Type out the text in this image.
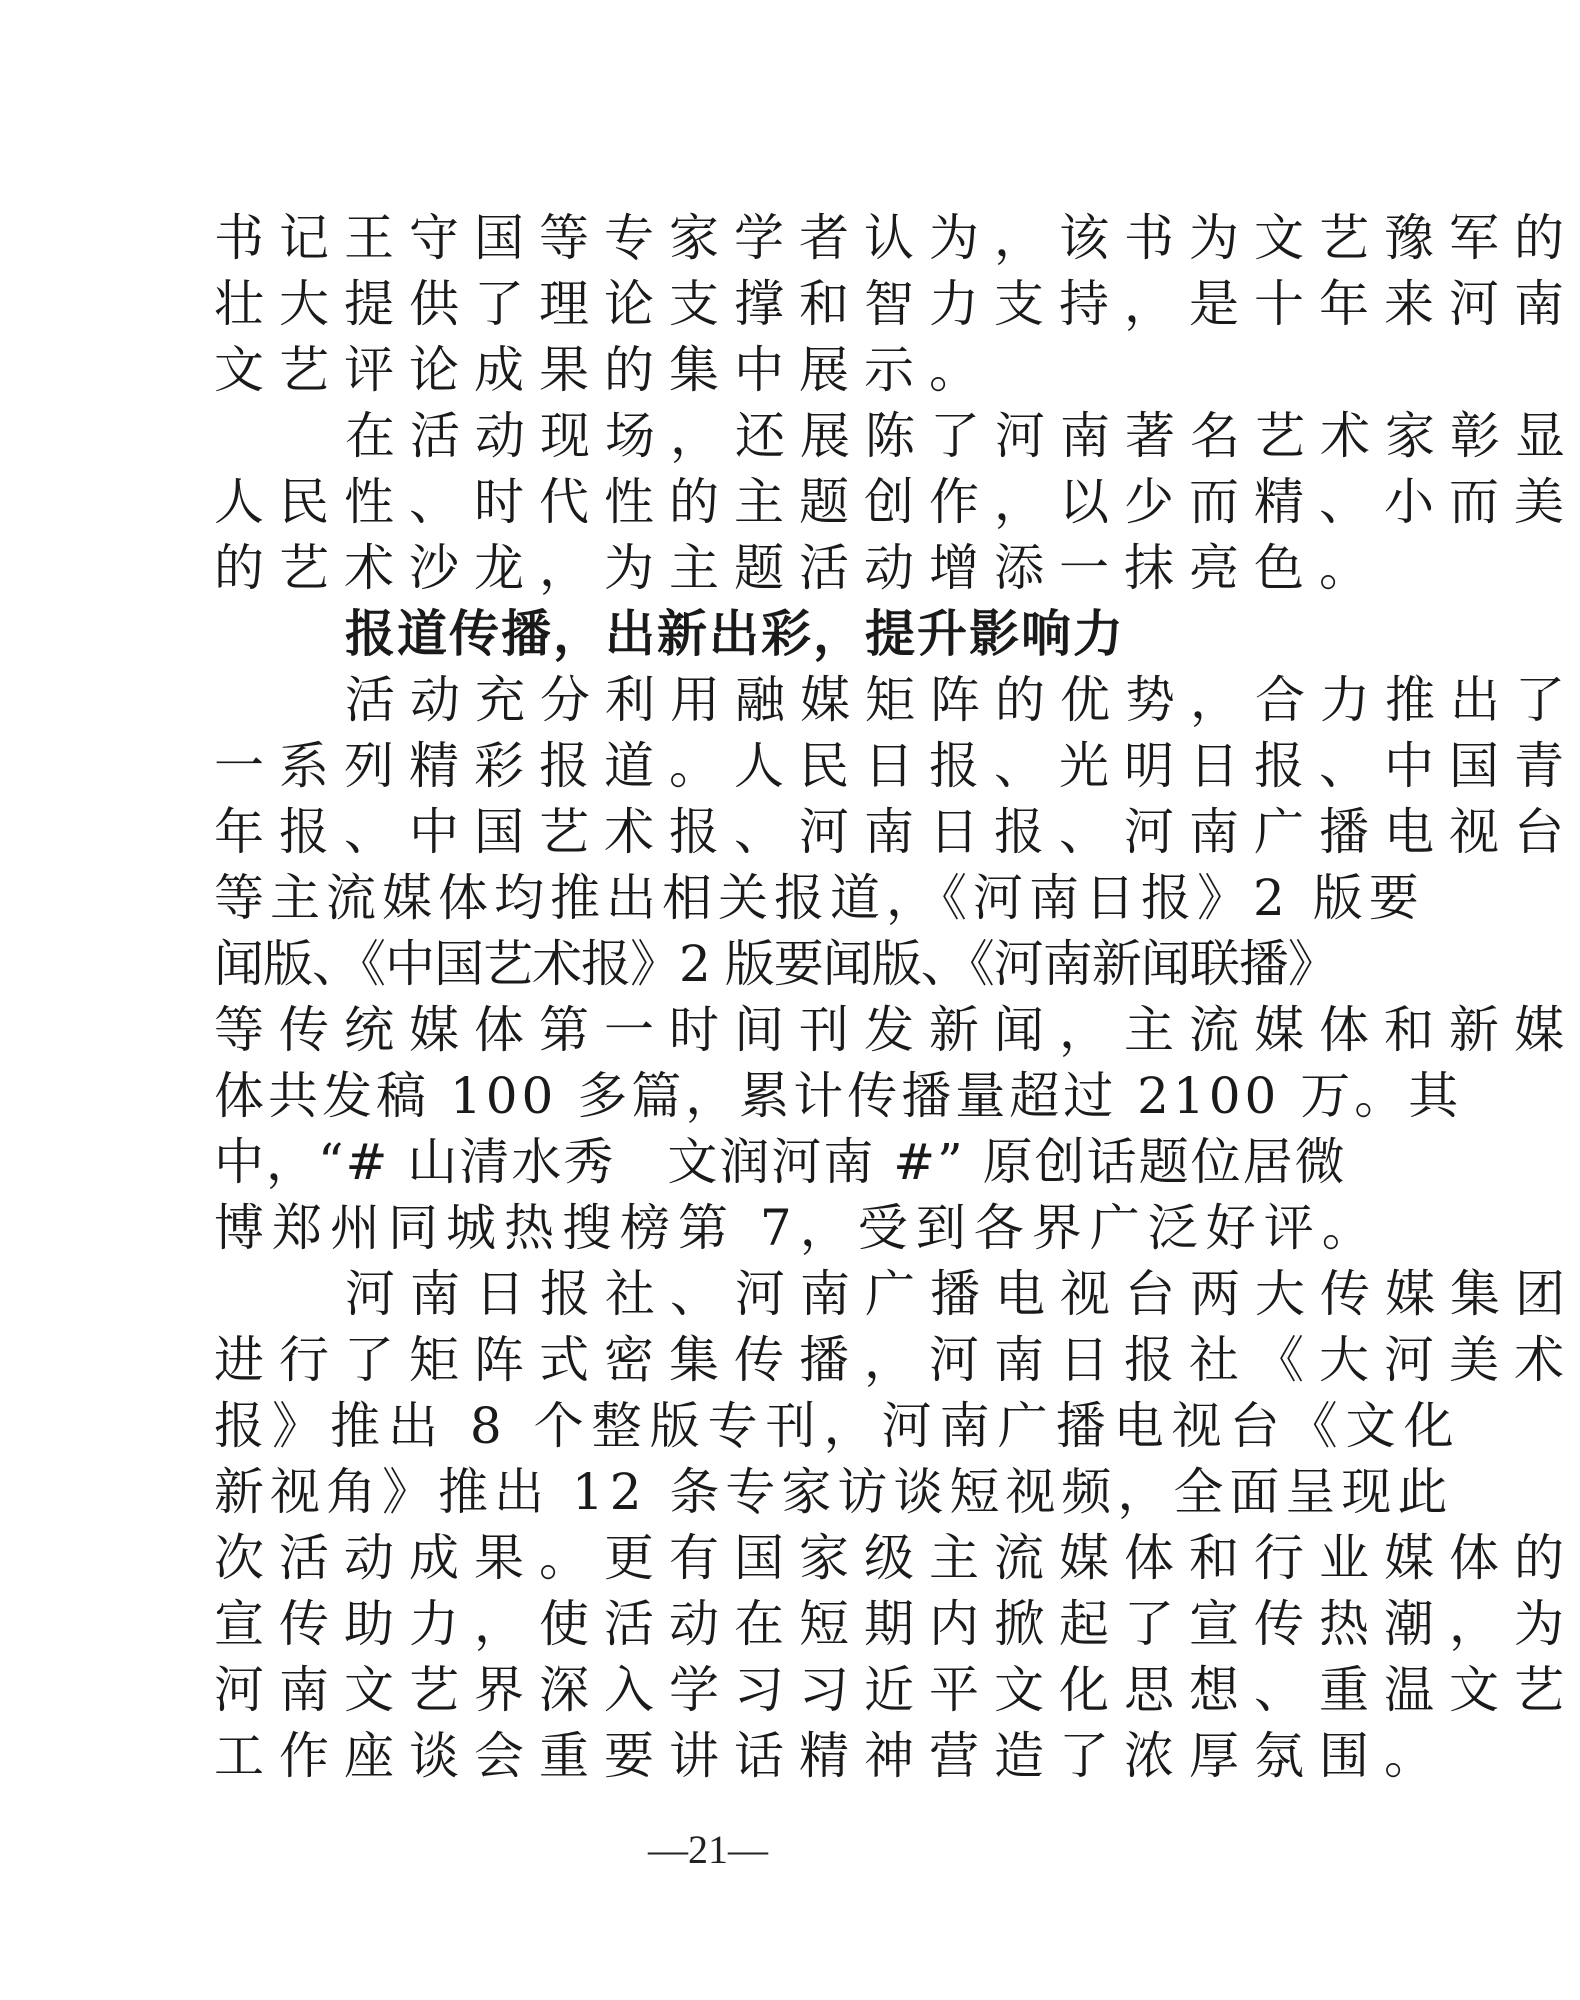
书记王守国等专家学者认为，该书为文艺豫军的
壮大提供了理论支撑和智力支持，是十年来河南
文艺评论成果的集中展示。
在活动现场，还展陈了河南著名艺术家彰显
人民性、时代性的主题创作，以少而精、小而美
的艺术沙龙，为主题活动增添一抹亮色。
报道传播，出新出彩，提升影响力
活动充分利用融媒矩阵的优势，合力推出了
一系列精彩报道。人民日报、光明日报、中国青
年报、中国艺术报、河南日报、河南广播电视台
等主流媒体均推出相关报道，《河南日报》2 版要
闻版、《中国艺术报》2 版要闻版、《河南新闻联播》
等传统媒体第一时间刊发新闻，主流媒体和新媒
体共发稿 100 多篇，累计传播量超过 2100 万。其
中，“# 山清水秀　文润河南 #” 原创话题位居微
博郑州同城热搜榜第 7，受到各界广泛好评。
河南日报社、河南广播电视台两大传媒集团
进行了矩阵式密集传播，河南日报社《大河美术
报》推出 8 个整版专刊，河南广播电视台《文化
新视角》推出 12 条专家访谈短视频，全面呈现此
次活动成果。更有国家级主流媒体和行业媒体的
宣传助力，使活动在短期内掀起了宣传热潮，为
河南文艺界深入学习习近平文化思想、重温文艺
工作座谈会重要讲话精神营造了浓厚氛围。
—21—
